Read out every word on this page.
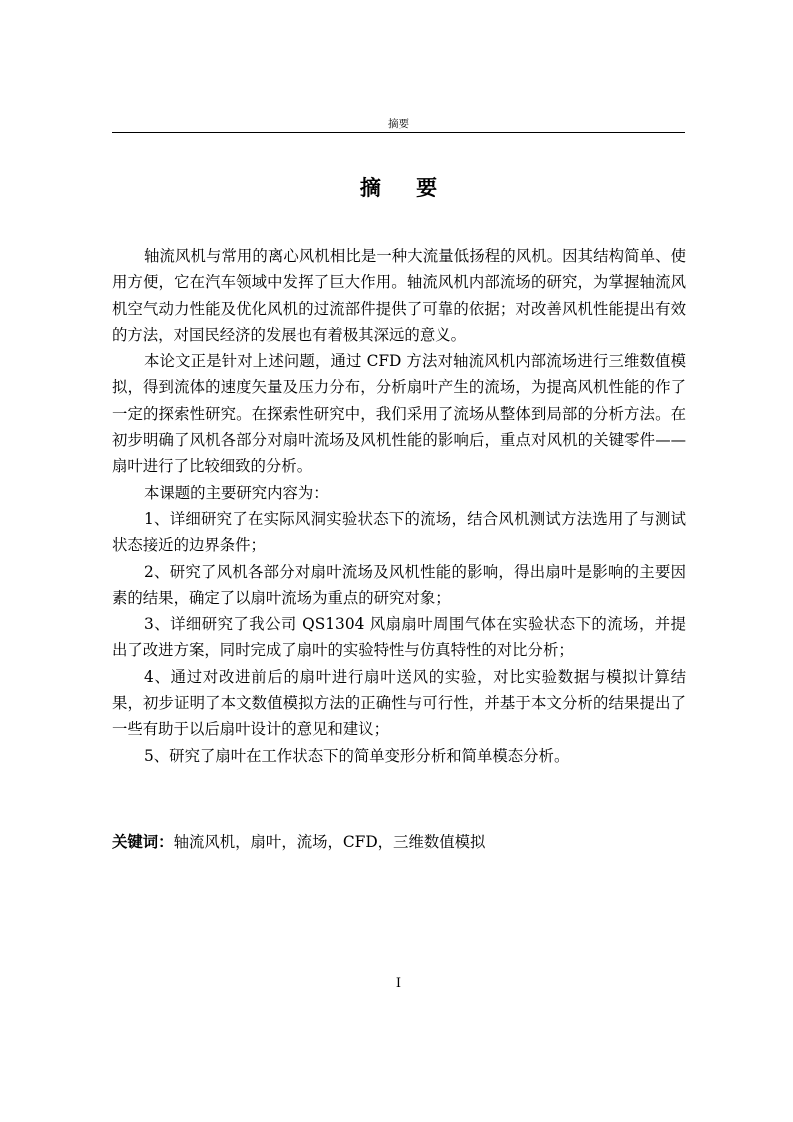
摘要
摘 要

轴流风机与常用的离心风机相比是一种大流量低扬程的风机。因其结构简单、使用方便，它在汽车领域中发挥了巨大作用。轴流风机内部流场的研究，为掌握轴流风机空气动力性能及优化风机的过流部件提供了可靠的依据；对改善风机性能提出有效的方法，对国民经济的发展也有着极其深远的意义。

本论文正是针对上述问题，通过 CFD 方法对轴流风机内部流场进行三维数值模拟，得到流体的速度矢量及压力分布，分析扇叶产生的流场，为提高风机性能的作了一定的探索性研究。在探索性研究中，我们采用了流场从整体到局部的分析方法。在初步明确了风机各部分对扇叶流场及风机性能的影响后，重点对风机的关键零件——扇叶进行了比较细致的分析。

本课题的主要研究内容为：

1、详细研究了在实际风洞实验状态下的流场，结合风机测试方法选用了与测试状态接近的边界条件；

2、研究了风机各部分对扇叶流场及风机性能的影响，得出扇叶是影响的主要因素的结果，确定了以扇叶流场为重点的研究对象；

3、详细研究了我公司 QS1304 风扇扇叶周围气体在实验状态下的流场，并提出了改进方案，同时完成了扇叶的实验特性与仿真特性的对比分析；

4、通过对改进前后的扇叶进行扇叶送风的实验，对比实验数据与模拟计算结果，初步证明了本文数值模拟方法的正确性与可行性，并基于本文分析的结果提出了一些有助于以后扇叶设计的意见和建议；

5、研究了扇叶在工作状态下的简单变形分析和简单模态分析。

关键词：轴流风机，扇叶，流场，CFD，三维数值模拟
I
